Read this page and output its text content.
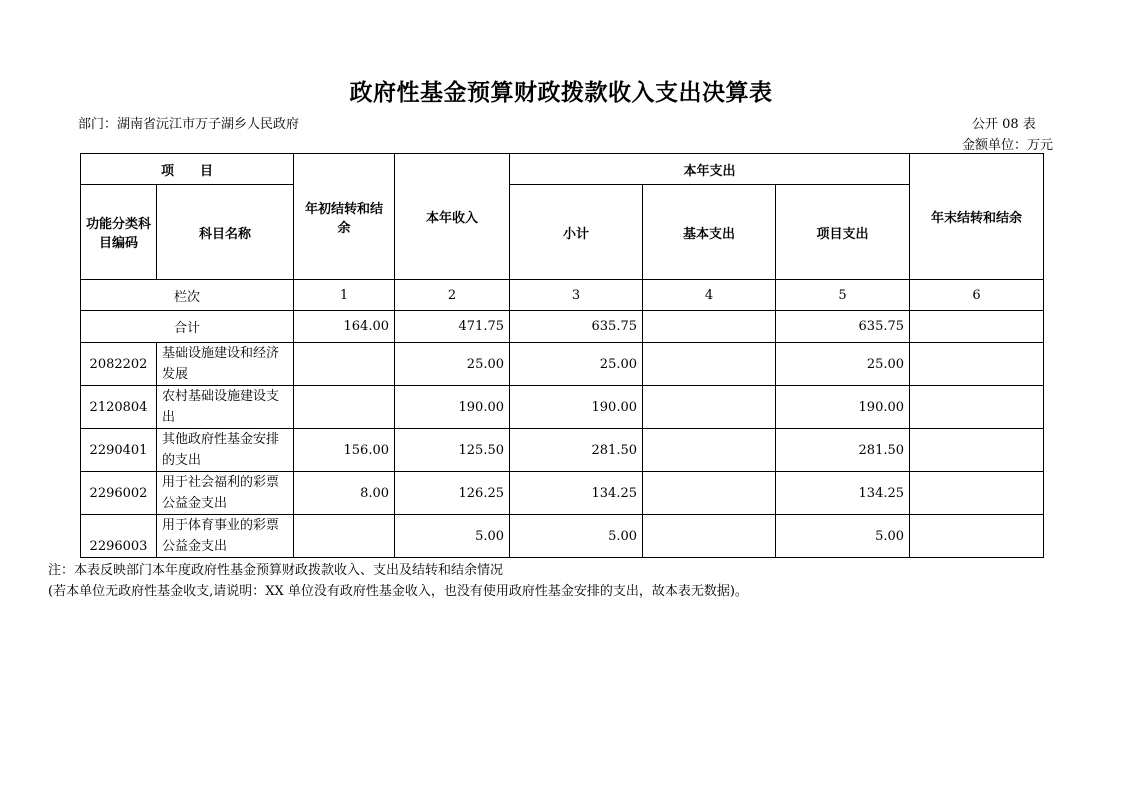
政府性基金预算财政拨款收入支出决算表
部门：湖南省沅江市万子湖乡人民政府	公开 08 表
金额单位：万元
项　　目		年初结转和结余	本年收入	本年支出			年末结转和结余
功能分类科目编码	科目名称			小计	基本支出	项目支出	
栏次		1	2	3	4	5	6
合计		164.00	471.75	635.75		635.75	
2082202	基础设施建设和经济发展		25.00	25.00		25.00	
2120804	农村基础设施建设支出		190.00	190.00		190.00	
2290401	其他政府性基金安排的支出	156.00	125.50	281.50		281.50	
2296002	用于社会福利的彩票公益金支出	8.00	126.25	134.25		134.25	
2296003	用于体育事业的彩票公益金支出		5.00	5.00		5.00	
注：本表反映部门本年度政府性基金预算财政拨款收入、支出及结转和结余情况
(若本单位无政府性基金收支,请说明：XX 单位没有政府性基金收入，也没有使用政府性基金安排的支出，故本表无数据)。
